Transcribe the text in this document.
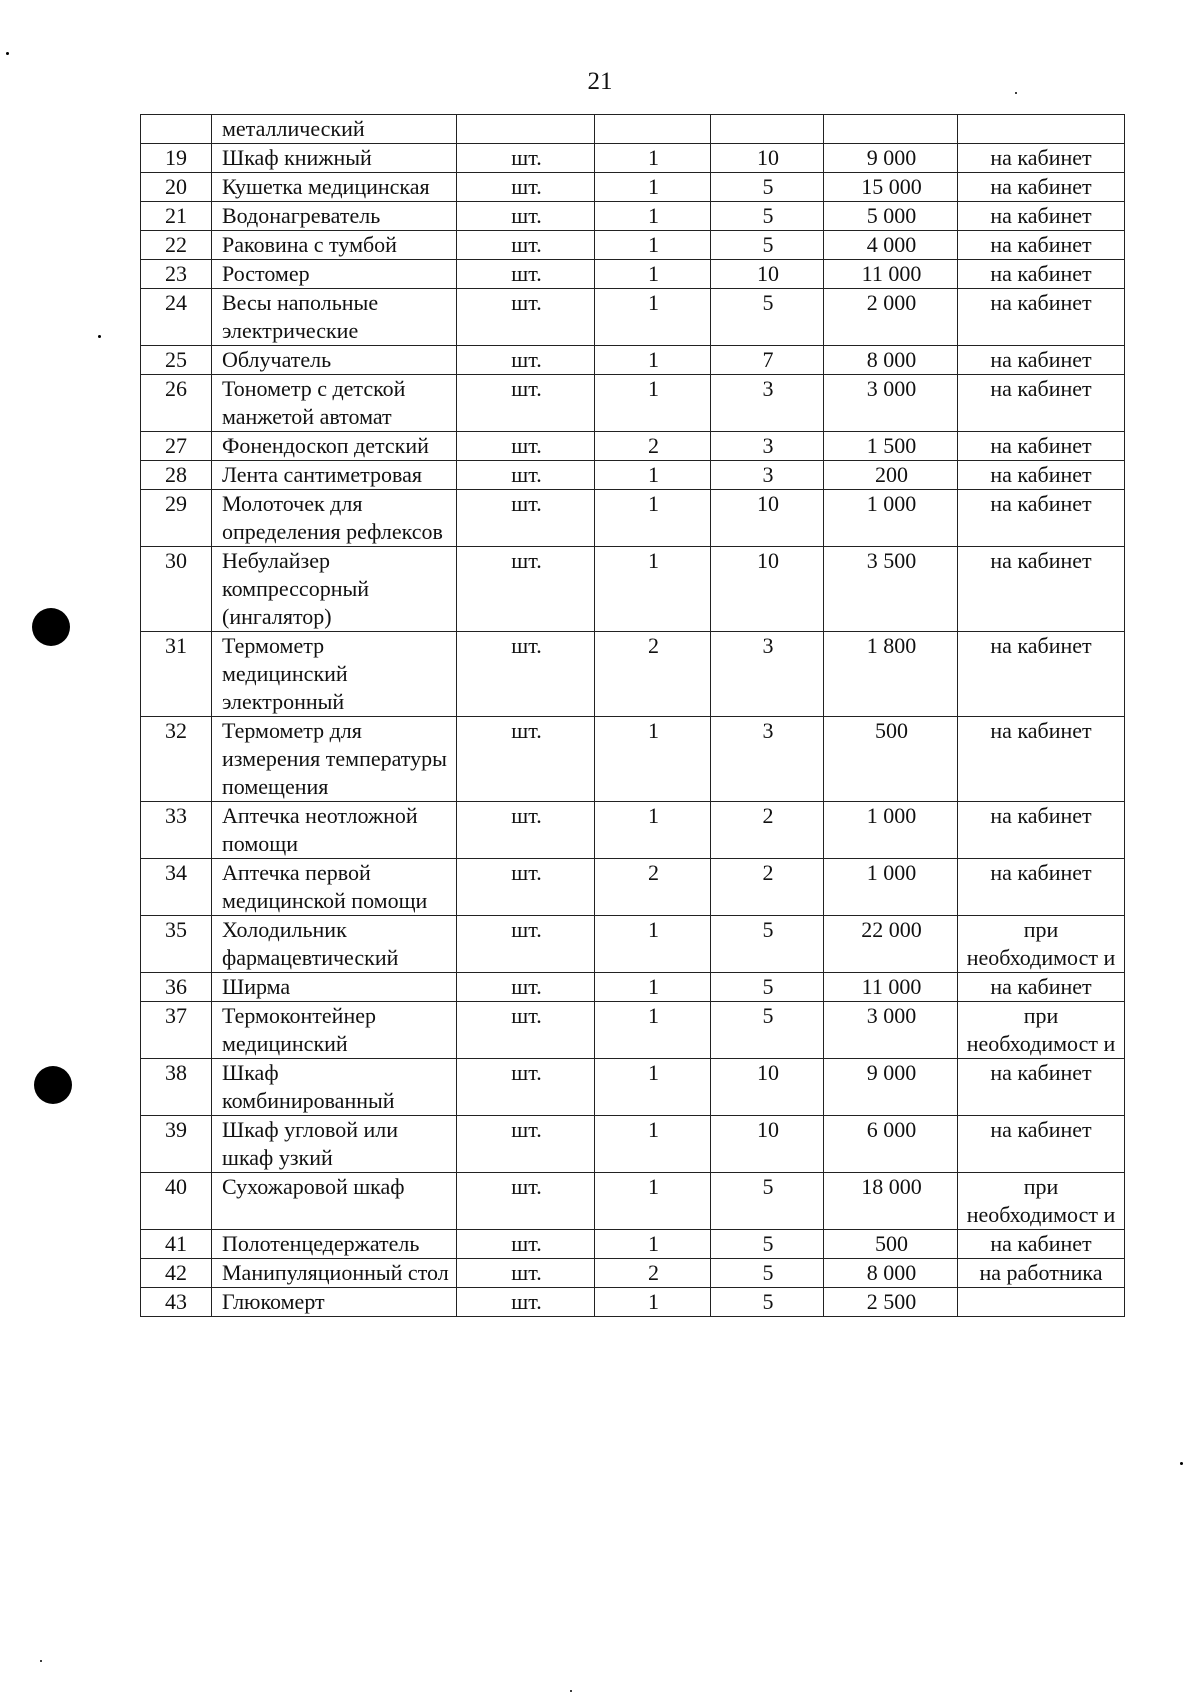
21
	металлический					
19	Шкаф книжный	шт.	1	10	9 000	на кабинет
20	Кушетка медицинская	шт.	1	5	15 000	на кабинет
21	Водонагреватель	шт.	1	5	5 000	на кабинет
22	Раковина с тумбой	шт.	1	5	4 000	на кабинет
23	Ростомер	шт.	1	10	11 000	на кабинет
24	Весы напольные электрические	шт.	1	5	2 000	на кабинет
25	Облучатель	шт.	1	7	8 000	на кабинет
26	Тонометр с детской манжетой автомат	шт.	1	3	3 000	на кабинет
27	Фонендоскоп детский	шт.	2	3	1 500	на кабинет
28	Лента сантиметровая	шт.	1	3	200	на кабинет
29	Молоточек для определения рефлексов	шт.	1	10	1 000	на кабинет
30	Небулайзер компрессорный (ингалятор)	шт.	1	10	3 500	на кабинет
31	Термометр медицинский электронный	шт.	2	3	1 800	на кабинет
32	Термометр для измерения температуры помещения	шт.	1	3	500	на кабинет
33	Аптечка неотложной помощи	шт.	1	2	1 000	на кабинет
34	Аптечка первой медицинской помощи	шт.	2	2	1 000	на кабинет
35	Холодильник фармацевтический	шт.	1	5	22 000	при необходимост и
36	Ширма	шт.	1	5	11 000	на кабинет
37	Термоконтейнер медицинский	шт.	1	5	3 000	при необходимост и
38	Шкаф комбинированный	шт.	1	10	9 000	на кабинет
39	Шкаф угловой или шкаф узкий	шт.	1	10	6 000	на кабинет
40	Сухожаровой шкаф	шт.	1	5	18 000	при необходимост и
41	Полотенцедержатель	шт.	1	5	500	на кабинет
42	Манипуляционный стол	шт.	2	5	8 000	на работника
43	Глюкомерт	шт.	1	5	2 500	
